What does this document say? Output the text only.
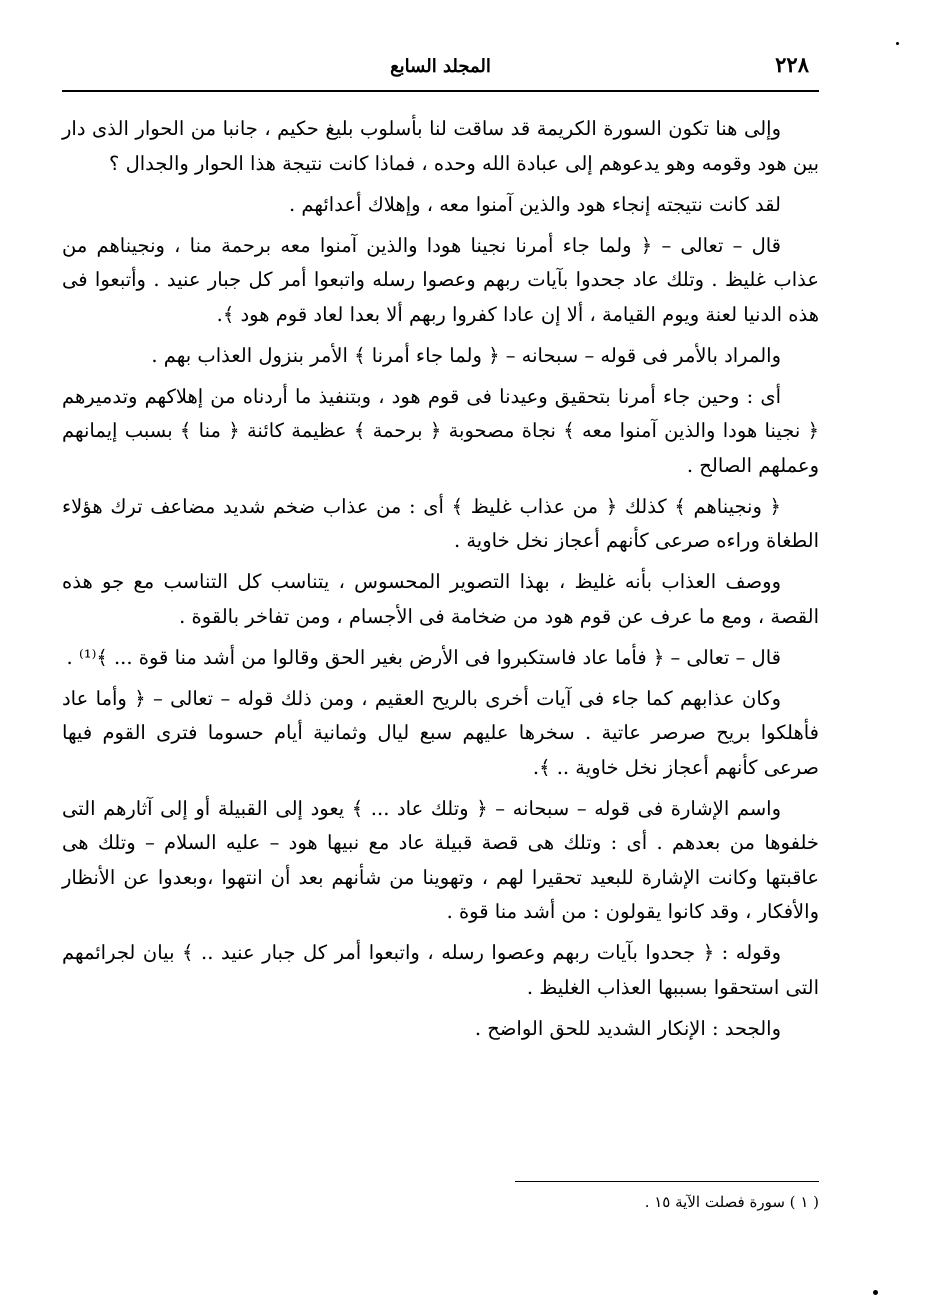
٢٢٨
المجلد السابع

وإلى هنا تكون السورة الكريمة قد ساقت لنا بأسلوب بليغ حكيم ، جانبا من الحوار الذى دار بين هود وقومه وهو يدعوهم إلى عبادة الله وحده ، فماذا كانت نتيجة هذا الحوار والجدال ؟

لقد كانت نتيجته إنجاء هود والذين آمنوا معه ، وإهلاك أعدائهم .

قال – تعالى – ﴿ ولما جاء أمرنا نجينا هودا والذين آمنوا معه برحمة منا ، ونجيناهم من عذاب غليظ . وتلك عاد جحدوا بآيات ربهم وعصوا رسله واتبعوا أمر كل جبار عنيد . وأتبعوا فى هذه الدنيا لعنة ويوم القيامة ، ألا إن عادا كفروا ربهم ألا بعدا لعاد قوم هود ﴾.

والمراد بالأمر فى قوله – سبحانه – ﴿ ولما جاء أمرنا ﴾ الأمر بنزول العذاب بهم .

أى : وحين جاء أمرنا بتحقيق وعيدنا فى قوم هود ، وبتنفيذ ما أردناه من إهلاكهم وتدميرهم ﴿ نجينا هودا والذين آمنوا معه ﴾ نجاة مصحوبة ﴿ برحمة ﴾ عظيمة كائنة ﴿ منا ﴾ بسبب إيمانهم وعملهم الصالح .

﴿ ونجيناهم ﴾ كذلك ﴿ من عذاب غليظ ﴾ أى : من عذاب ضخم شديد مضاعف ترك هؤلاء الطغاة وراءه صرعى كأنهم أعجاز نخل خاوية .

ووصف العذاب بأنه غليظ ، بهذا التصوير المحسوس ، يتناسب كل التناسب مع جو هذه القصة ، ومع ما عرف عن قوم هود من ضخامة فى الأجسام ، ومن تفاخر بالقوة .

قال – تعالى – ﴿ فأما عاد فاستكبروا فى الأرض بغير الحق وقالوا من أشد منا قوة ... ﴾⁽¹⁾ .

وكان عذابهم كما جاء فى آيات أخرى بالريح العقيم ، ومن ذلك قوله – تعالى – ﴿ وأما عاد فأهلكوا بريح صرصر عاتية . سخرها عليهم سبع ليال وثمانية أيام حسوما فترى القوم فيها صرعى كأنهم أعجاز نخل خاوية .. ﴾.

واسم الإشارة فى قوله – سبحانه – ﴿ وتلك عاد ... ﴾ يعود إلى القبيلة أو إلى آثارهم التى خلفوها من بعدهم . أى : وتلك هى قصة قبيلة عاد مع نبيها هود – عليه السلام – وتلك هى عاقبتها وكانت الإشارة للبعيد تحقيرا لهم ، وتهوينا من شأنهم بعد أن انتهوا ،وبعدوا عن الأنظار والأفكار ، وقد كانوا يقولون : من أشد منا قوة .

وقوله : ﴿ جحدوا بآيات ربهم وعصوا رسله ، واتبعوا أمر كل جبار عنيد .. ﴾ بيان لجرائمهم التى استحقوا بسببها العذاب الغليظ .

والجحد : الإنكار الشديد للحق الواضح .

( ١ ) سورة فصلت الآية ١٥ .
